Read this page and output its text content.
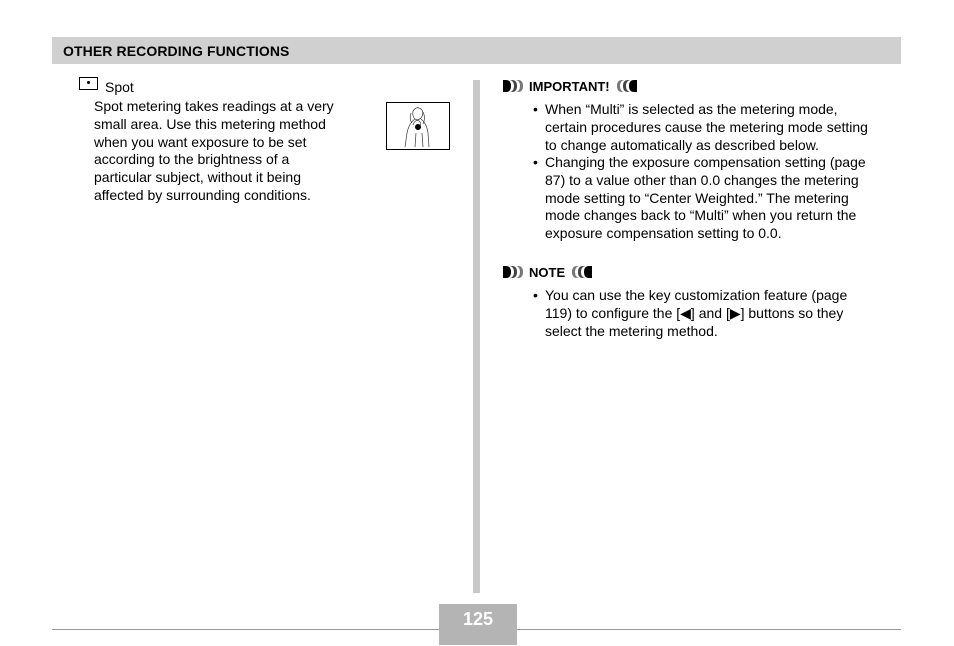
OTHER RECORDING FUNCTIONS
Spot
Spot metering takes readings at a very
small area. Use this metering method
when you want exposure to be set
according to the brightness of a
particular subject, without it being
affected by surrounding conditions.
IMPORTANT!
• When “Multi” is selected as the metering mode,
certain procedures cause the metering mode setting
to change automatically as described below.
• Changing the exposure compensation setting (page
87) to a value other than 0.0 changes the metering
mode setting to “Center Weighted.” The metering
mode changes back to “Multi” when you return the
exposure compensation setting to 0.0.
NOTE
• You can use the key customization feature (page
119) to configure the [◀] and [▶] buttons so they
select the metering method.
125
